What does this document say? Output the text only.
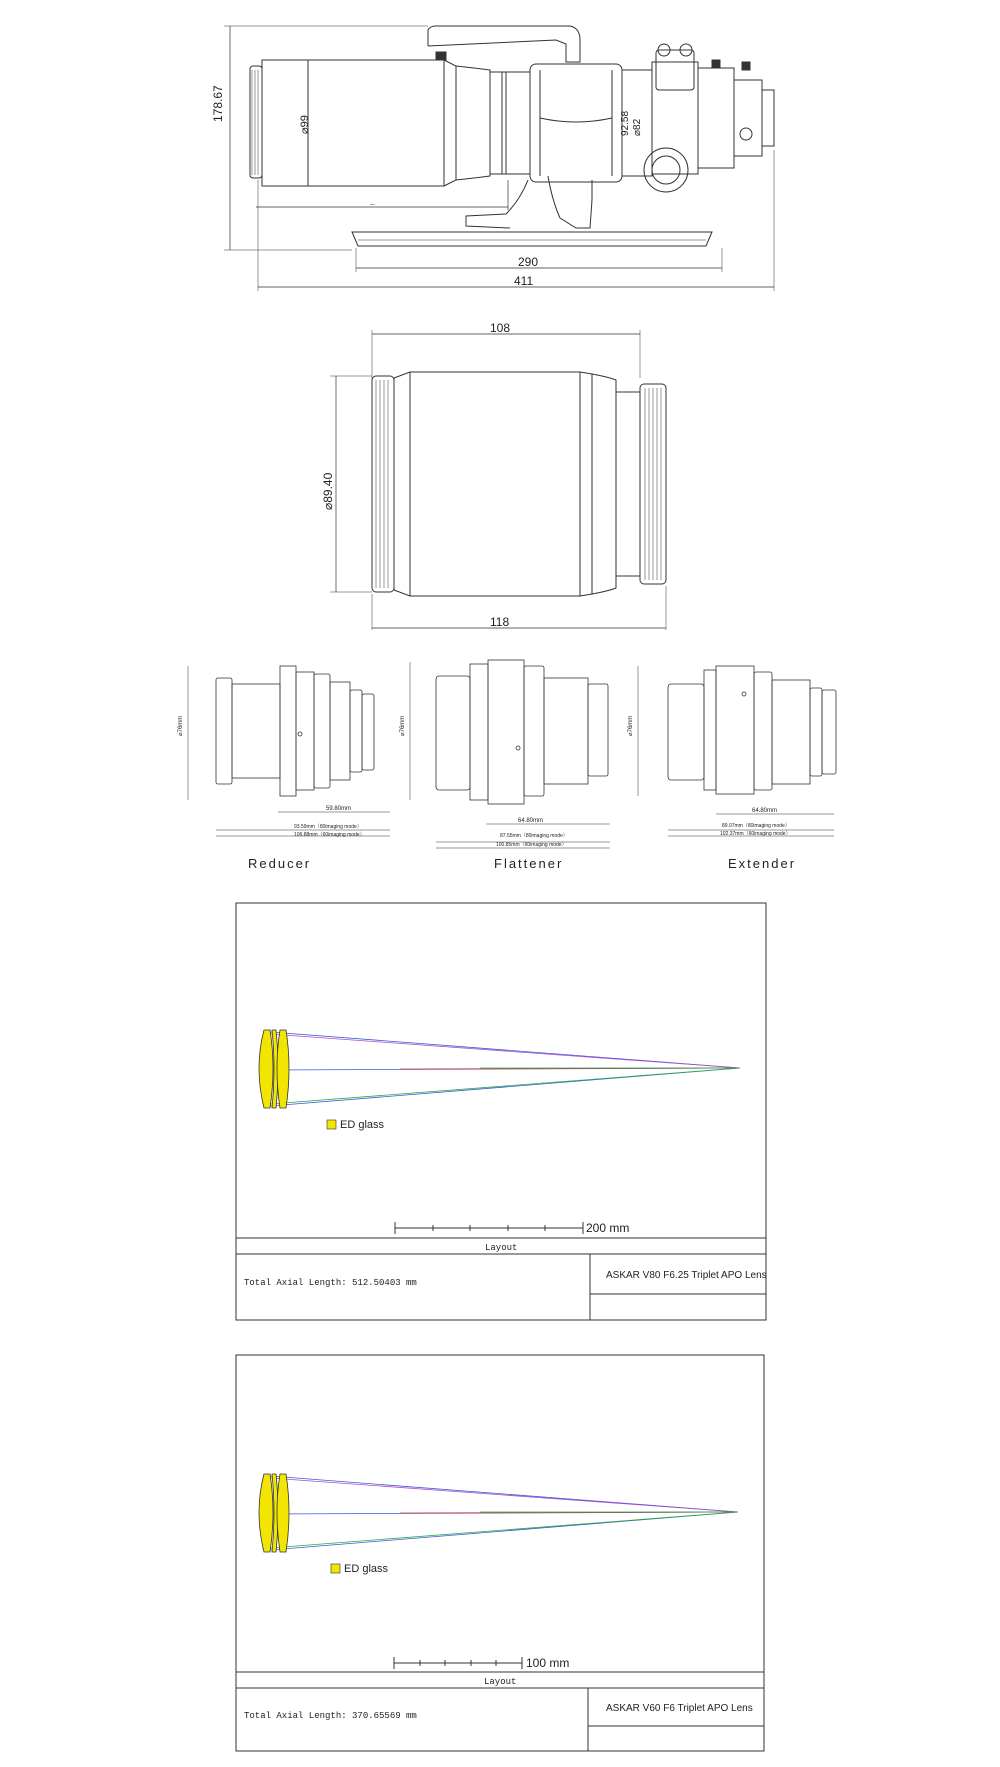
178.67
⌀99	92.58 ⌀82
—
290
411
108
118
⌀89.40
⌀76mm
59.80mm
93.59mm（80imaging mode）
106.88mm（60imaging mode）
Reducer
⌀76mm
64.80mm
87.55mm（80imaging mode）
100.85mm（60imaging mode）
Flattener
⌀76mm
64.80mm
89.07mm（80imaging mode）
102.37mm（60imaging mode）
Extender
ED glass
200 mm
Layout
Total Axial Length: 512.50403 mm
ASKAR V80 F6.25 Triplet APO Lens
ED glass
100 mm
Layout
Total Axial Length: 370.65569 mm
ASKAR V60 F6 Triplet APO Lens
